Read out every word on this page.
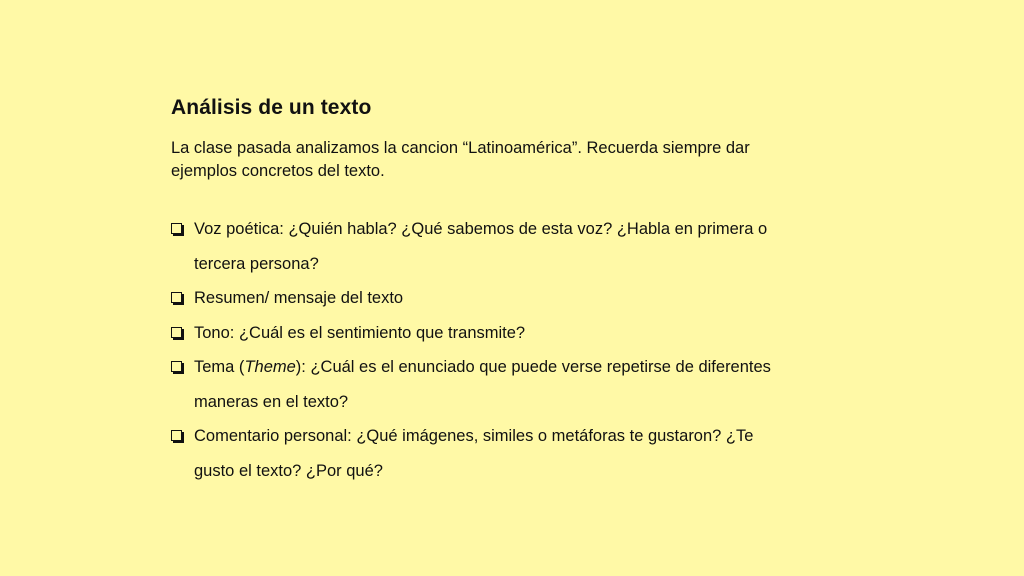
Análisis de un texto

La clase pasada analizamos la cancion “Latinoamérica”. Recuerda siempre dar ejemplos concretos del texto.

Voz poética: ¿Quién habla? ¿Qué sabemos de esta voz? ¿Habla en primera o tercera persona?
Resumen/ mensaje del texto
Tono: ¿Cuál es el sentimiento que transmite?
Tema (Theme): ¿Cuál es el enunciado que puede verse repetirse de diferentes maneras en el texto?
Comentario personal: ¿Qué imágenes, similes o metáforas te gustaron? ¿Te gusto el texto? ¿Por qué?
